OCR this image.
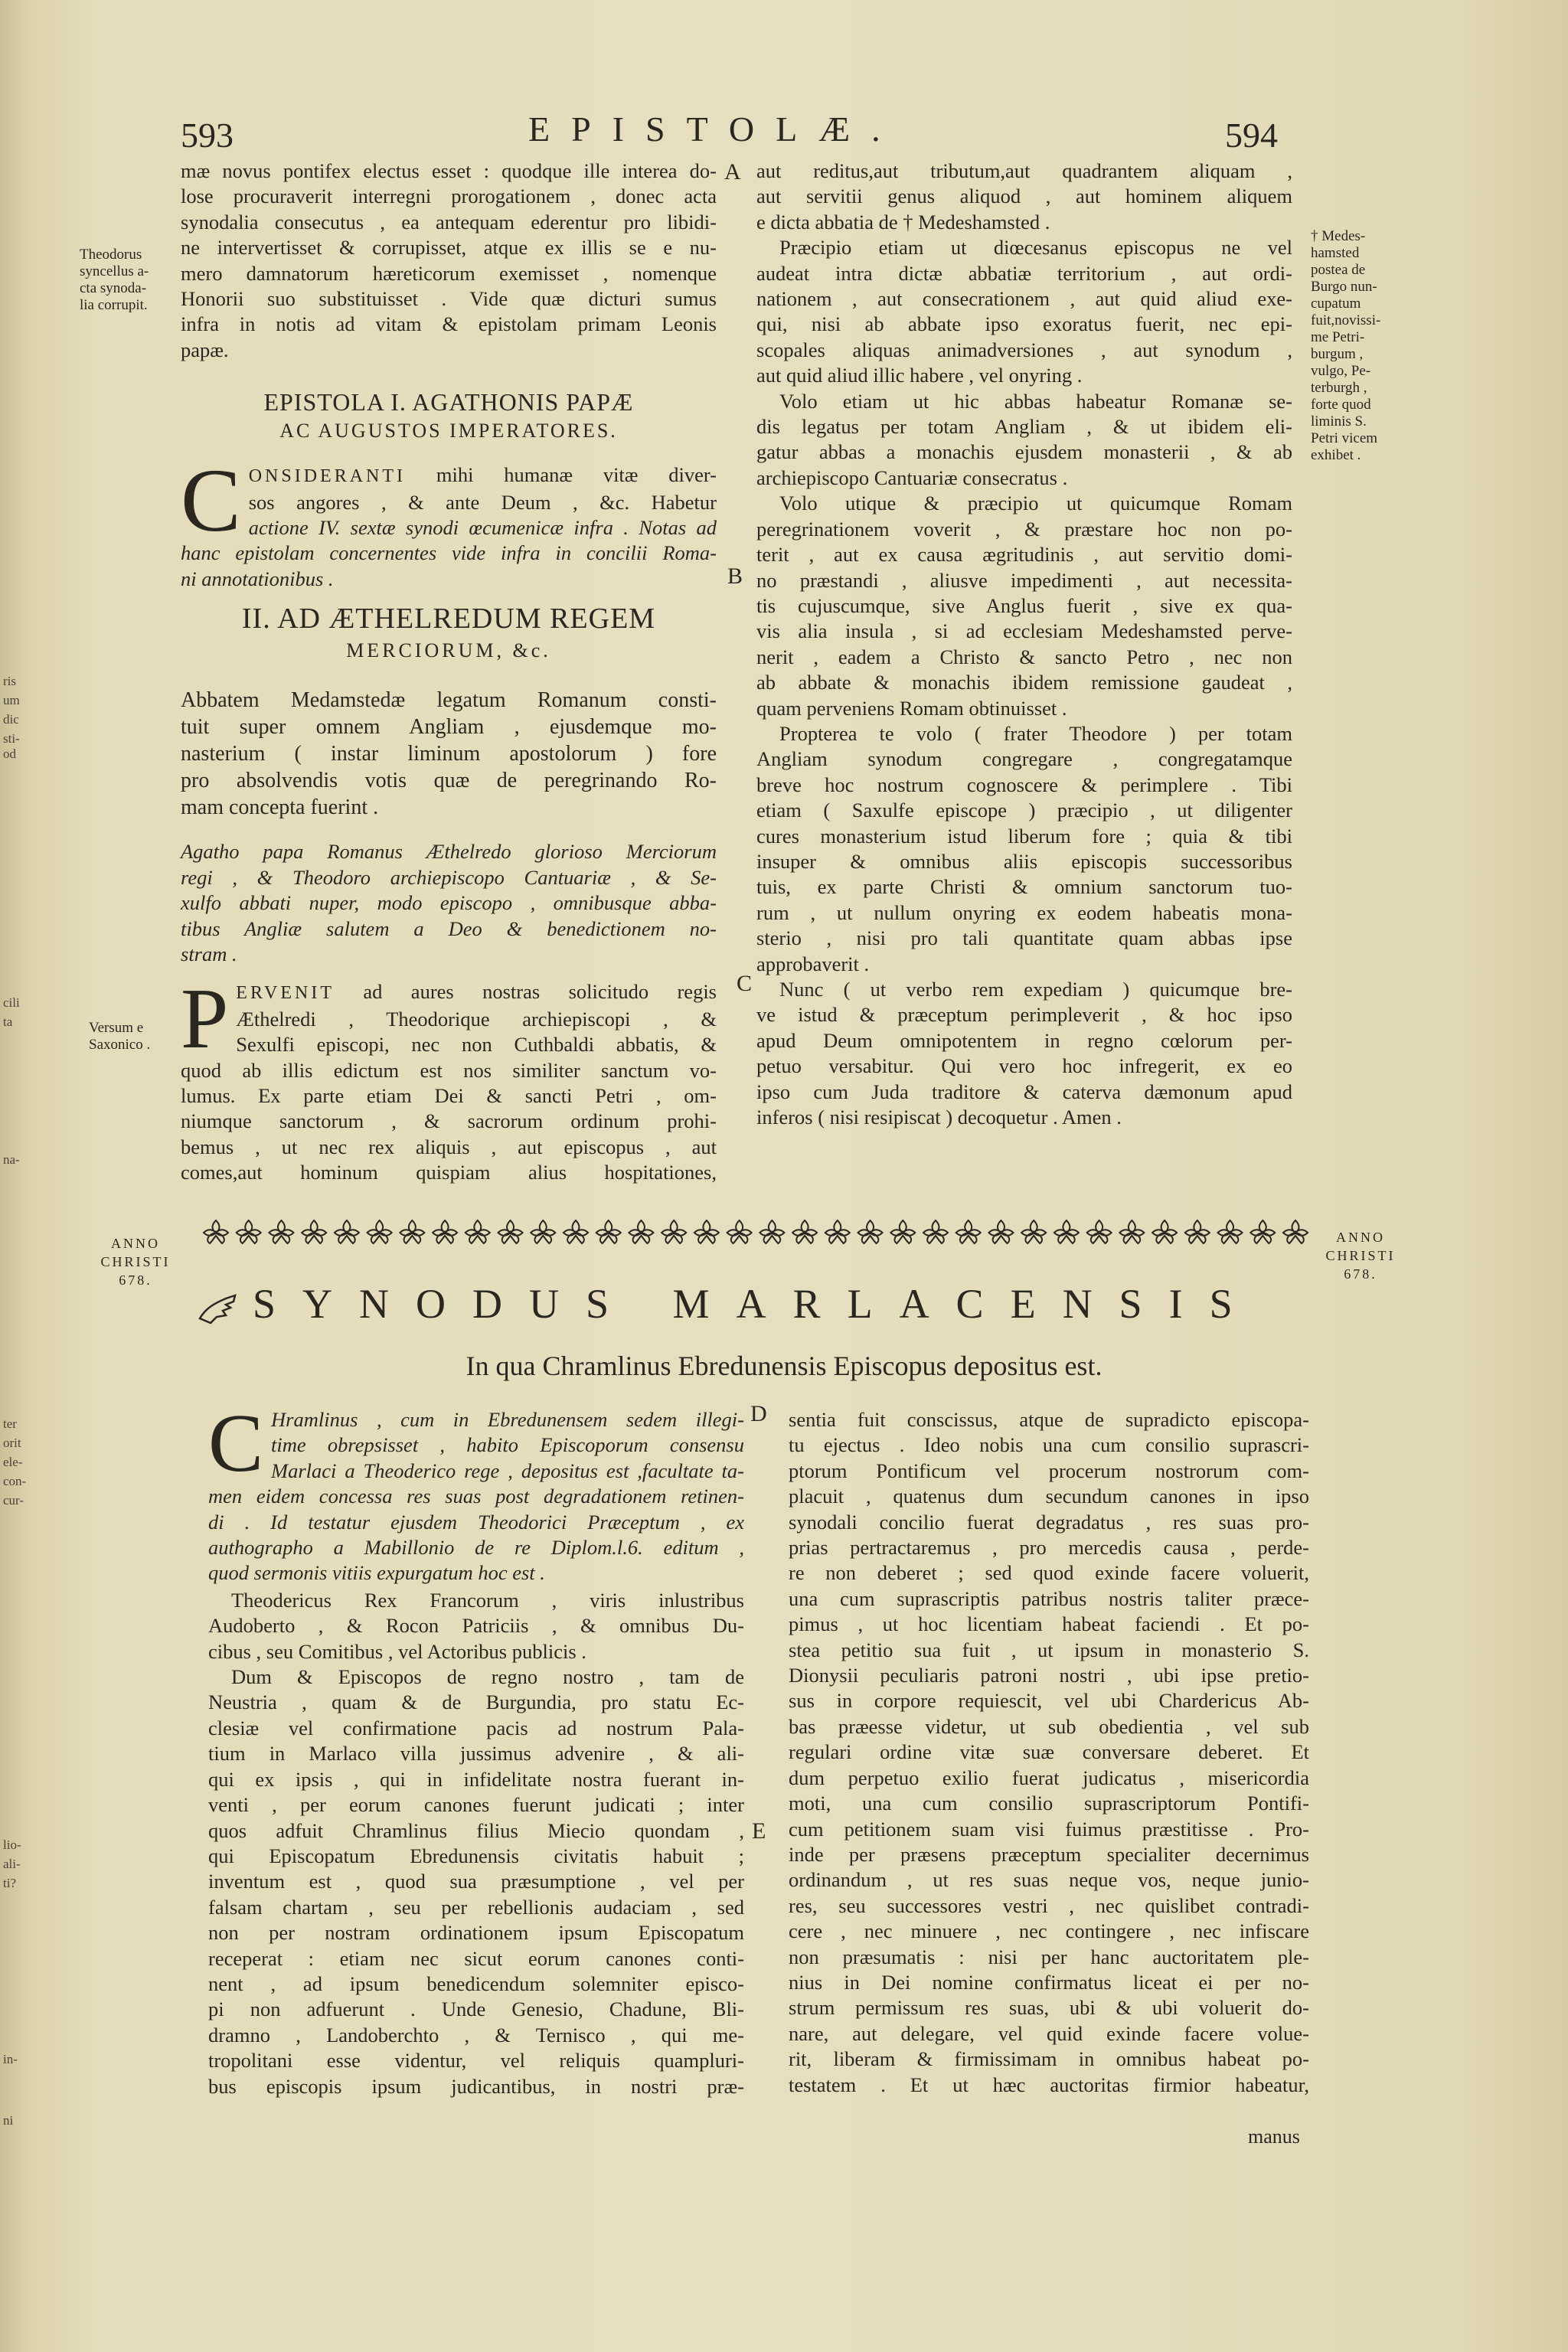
ris
um
dic
sti-
od
cili
ta
na-
ter
orit
ele-
con-
cur-
lio-
ali-
ti?
in-
ni
593	EPISTOLÆ.	594
A
B
C
D
E
Theodorus
syncellus a-
cta synoda-
lia corrupit.
Versum e
Saxonico .
† Medes-
hamsted
postea de
Burgo nun-
cupatum
fuit,novissi-
me Petri-
burgum ,
vulgo, Pe-
terburgh ,
forte quod
liminis S.
Petri vicem
exhibet .
mæ novus pontifex electus esset : quodque ille interea do-
lose procuraverit interregni prorogationem , donec acta
synodalia consecutus , ea antequam ederentur pro libidi-
ne intervertisset & corrupisset, atque ex illis se e nu-
mero damnatorum hæreticorum exemisset , nomenque
Honorii suo substituisset . Vide quæ dicturi sumus
infra in notis ad vitam & epistolam primam Leonis
papæ.
EPISTOLA I. AGATHONIS PAPÆ
AC AUGUSTOS IMPERATORES.
C ONSIDERANTI mihi humanæ vitæ diver-
sos angores , & ante Deum , &c. Habetur
actione IV. sextæ synodi œcumenicæ infra . Notas ad
hanc epistolam concernentes vide infra in concilii Roma-
ni annotationibus .
II. AD ÆTHELREDUM REGEM
MERCIORUM, &c.
Abbatem Medamstedæ legatum Romanum consti-
tuit super omnem Angliam , ejusdemque mo-
nasterium ( instar liminum apostolorum ) fore
pro absolvendis votis quæ de peregrinando Ro-
mam concepta fuerint .
Agatho papa Romanus Æthelredo glorioso Merciorum
regi , & Theodoro archiepiscopo Cantuariæ , & Se-
xulfo abbati nuper, modo episcopo , omnibusque abba-
tibus Angliæ salutem a Deo & benedictionem no-
stram .
P ERVENIT ad aures nostras solicitudo regis
Æthelredi , Theodorique archiepiscopi , &
Sexulfi episcopi, nec non Cuthbaldi abbatis, &
quod ab illis edictum est nos similiter sanctum vo-
lumus. Ex parte etiam Dei & sancti Petri , om-
niumque sanctorum , & sacrorum ordinum prohi-
bemus , ut nec rex aliquis , aut episcopus , aut
comes,aut hominum quispiam alius hospitationes,
aut reditus,aut tributum,aut quadrantem aliquam ,
aut servitii genus aliquod , aut hominem aliquem
e dicta abbatia de † Medeshamsted .
Præcipio etiam ut diœcesanus episcopus ne vel
audeat intra dictæ abbatiæ territorium , aut ordi-
nationem , aut consecrationem , aut quid aliud exe-
qui, nisi ab abbate ipso exoratus fuerit, nec epi-
scopales aliquas animadversiones , aut synodum ,
aut quid aliud illic habere , vel onyring .
Volo etiam ut hic abbas habeatur Romanæ se-
dis legatus per totam Angliam , & ut ibidem eli-
gatur abbas a monachis ejusdem monasterii , & ab
archiepiscopo Cantuariæ consecratus .
Volo utique & præcipio ut quicumque Romam
peregrinationem voverit , & præstare hoc non po-
terit , aut ex causa ægritudinis , aut servitio domi-
no præstandi , aliusve impedimenti , aut necessita-
tis cujuscumque, sive Anglus fuerit , sive ex qua-
vis alia insula , si ad ecclesiam Medeshamsted perve-
nerit , eadem a Christo & sancto Petro , nec non
ab abbate & monachis ibidem remissione gaudeat ,
quam perveniens Romam obtinuisset .
Propterea te volo ( frater Theodore ) per totam
Angliam synodum congregare , congregatamque
breve hoc nostrum cognoscere & perimplere . Tibi
etiam ( Saxulfe episcope ) præcipio , ut diligenter
cures monasterium istud liberum fore ; quia & tibi
insuper & omnibus aliis episcopis successoribus
tuis, ex parte Christi & omnium sanctorum tuo-
rum , ut nullum onyring ex eodem habeatis mona-
sterio , nisi pro tali quantitate quam abbas ipse
approbaverit .
Nunc ( ut verbo rem expediam ) quicumque bre-
ve istud & præceptum perimpleverit , & hoc ipso
apud Deum omnipotentem in regno cœlorum per-
petuo versabitur. Qui vero hoc infregerit, ex eo
ipso cum Juda traditore & caterva dæmonum apud
inferos ( nisi resipiscat ) decoquetur . Amen .
ANNO
CHRISTI
678.
ANNO
CHRISTI
678.
SYNODUS MARLACENSIS
In qua Chramlinus Ebredunensis Episcopus depositus est.
C Hramlinus , cum in Ebredunensem sedem illegi-
time obrepsisset , habito Episcoporum consensu
Marlaci a Theoderico rege , depositus est ,facultate ta-
men eidem concessa res suas post degradationem retinen-
di . Id testatur ejusdem Theodorici Præceptum , ex
authographo a Mabillonio de re Diplom.l.6. editum ,
quod sermonis vitiis expurgatum hoc est .
Theodericus Rex Francorum , viris inlustribus
Audoberto , & Rocon Patriciis , & omnibus Du-
cibus , seu Comitibus , vel Actoribus publicis .
Dum & Episcopos de regno nostro , tam de
Neustria , quam & de Burgundia, pro statu Ec-
clesiæ vel confirmatione pacis ad nostrum Pala-
tium in Marlaco villa jussimus advenire , & ali-
qui ex ipsis , qui in infidelitate nostra fuerant in-
venti , per eorum canones fuerunt judicati ; inter
quos adfuit Chramlinus filius Miecio quondam ,
qui Episcopatum Ebredunensis civitatis habuit ;
inventum est , quod sua præsumptione , vel per
falsam chartam , seu per rebellionis audaciam , sed
non per nostram ordinationem ipsum Episcopatum
receperat : etiam nec sicut eorum canones conti-
nent , ad ipsum benedicendum solemniter episco-
pi non adfuerunt . Unde Genesio, Chadune, Bli-
dramno , Landoberchto , & Ternisco , qui me-
tropolitani esse videntur, vel reliquis quampluri-
bus episcopis ipsum judicantibus, in nostri præ-
sentia fuit conscissus, atque de supradicto episcopa-
tu ejectus . Ideo nobis una cum consilio suprascri-
ptorum Pontificum vel procerum nostrorum com-
placuit , quatenus dum secundum canones in ipso
synodali concilio fuerat degradatus , res suas pro-
prias pertractaremus , pro mercedis causa , perde-
re non deberet ; sed quod exinde facere voluerit,
una cum suprascriptis patribus nostris taliter præce-
pimus , ut hoc licentiam habeat faciendi . Et po-
stea petitio sua fuit , ut ipsum in monasterio S.
Dionysii peculiaris patroni nostri , ubi ipse pretio-
sus in corpore requiescit, vel ubi Chardericus Ab-
bas præesse videtur, ut sub obedientia , vel sub
regulari ordine vitæ suæ conversare deberet. Et
dum perpetuo exilio fuerat judicatus , misericordia
moti, una cum consilio suprascriptorum Pontifi-
cum petitionem suam visi fuimus præstitisse . Pro-
inde per præsens præceptum specialiter decernimus
ordinandum , ut res suas neque vos, neque junio-
res, seu successores vestri , nec quislibet contradi-
cere , nec minuere , nec contingere , nec infiscare
non præsumatis : nisi per hanc auctoritatem ple-
nius in Dei nomine confirmatus liceat ei per no-
strum permissum res suas, ubi & ubi voluerit do-
nare, aut delegare, vel quid exinde facere volue-
rit, liberam & firmissimam in omnibus habeat po-
testatem . Et ut hæc auctoritas firmior habeatur,
manus
